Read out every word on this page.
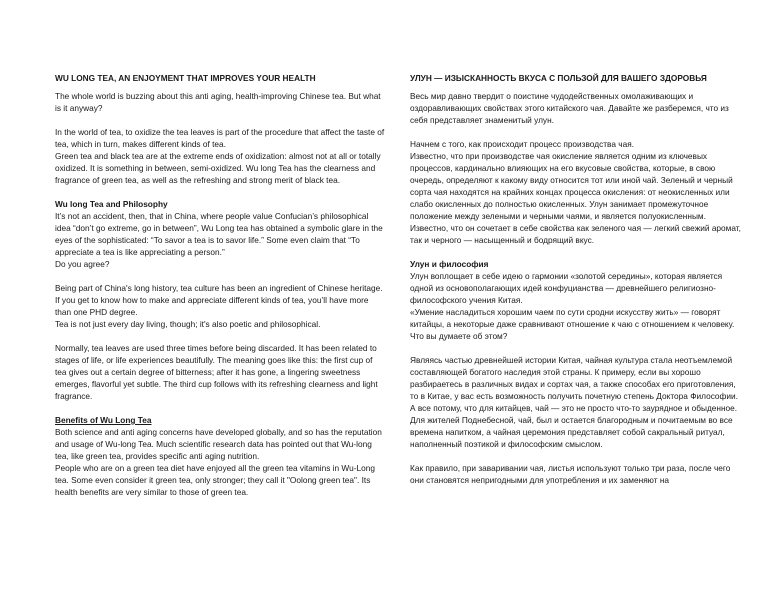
WU LONG TEA, AN ENJOYMENT THAT IMPROVES YOUR HEALTH

The whole world is buzzing about this anti aging, health-improving Chinese tea. But what is it anyway?

In the world of tea, to oxidize the tea leaves is part of the procedure that affect the taste of tea, which in turn, makes different kinds of tea.

Green tea and black tea are at the extreme ends of oxidization: almost not at all or totally oxidized. It is something in between, semi-oxidized. Wu long Tea has the clearness and fragrance of green tea, as well as the refreshing and strong merit of black tea.

Wu long Tea and Philosophy

It’s not an accident, then, that in China, where people value Confucian’s philosophical idea “don’t go extreme, go in between”, Wu Long tea has obtained a symbolic glare in the eyes of the sophisticated: “To savor a tea is to savor life.” Some even claim that “To appreciate a tea is like appreciating a person.”

Do you agree?

Being part of China's long history, tea culture has been an ingredient of Chinese heritage. If you get to know how to make and appreciate different kinds of tea, you’ll have more than one PHD degree.

Tea is not just every day living, though; it's also poetic and philosophical.

Normally, tea leaves are used three times before being discarded. It has been related to stages of life, or life experiences beautifully. The meaning goes like this: the first cup of tea gives out a certain degree of bitterness; after it has gone, a lingering sweetness emerges, flavorful yet subtle. The third cup follows with its refreshing clearness and light fragrance.

Benefits of Wu Long Tea

Both science and anti aging concerns have developed globally, and so has the reputation and usage of Wu-long Tea. Much scientific research data has pointed out that Wu-long tea, like green tea, provides specific anti aging nutrition.

People who are on a green tea diet have enjoyed all the green tea vitamins in Wu-Long tea. Some even consider it green tea, only stronger; they call it "Oolong green tea". Its health benefits are very similar to those of green tea.

УЛУН — ИЗЫСКАННОСТЬ ВКУСА С ПОЛЬЗОЙ ДЛЯ ВАШЕГО ЗДОРОВЬЯ

Весь мир давно твердит о поистине чудодейственных омолаживающих и оздоравливающих свойствах этого китайского чая. Давайте же разберемся, что из себя представляет знаменитый улун.

Начнем с того, как происходит процесс производства чая.

Известно, что при производстве чая окисление является одним из ключевых процессов, кардинально влияющих на его вкусовые свойства, которые, в свою очередь, определяют к какому виду относится тот или иной чай. Зеленый и черный сорта чая находятся на крайних концах процесса окисления: от неокисленных или слабо окисленных до полностью окисленных. Улун занимает промежуточное положение между зелеными и черными чаями, и является полуокисленным. Известно, что он сочетает в себе свойства как зеленого чая — легкий свежий аромат, так и черного — насыщенный и бодрящий вкус.

Улун и философия

Улун воплощает в себе идею о гармонии «золотой середины», которая является одной из основополагающих идей конфуцианства — древнейшего религиозно-философского учения Китая.

«Умение насладиться хорошим чаем по сути сродни искусству жить» — говорят китайцы, а некоторые даже сравнивают отношение к чаю с отношением к человеку.

Что вы думаете об этом?

Являясь частью древнейшей истории Китая, чайная культура стала неотъемлемой составляющей богатого наследия этой страны. К примеру, если вы хорошо разбираетесь в различных видах и сортах чая, а также способах его приготовления, то в Китае, у вас есть возможность получить почетную степень Доктора Философии. А все потому, что для китайцев, чай — это не просто что-то заурядное и обыденное. Для жителей Поднебесной, чай, был и остается благородным и почитаемым во все времена напитком, а чайная церемония представляет собой сакральный ритуал, наполненный поэтикой и философским смыслом.

Как правило, при заваривании чая, листья используют только три раза, после чего они становятся непригодными для употребления и их заменяют на
